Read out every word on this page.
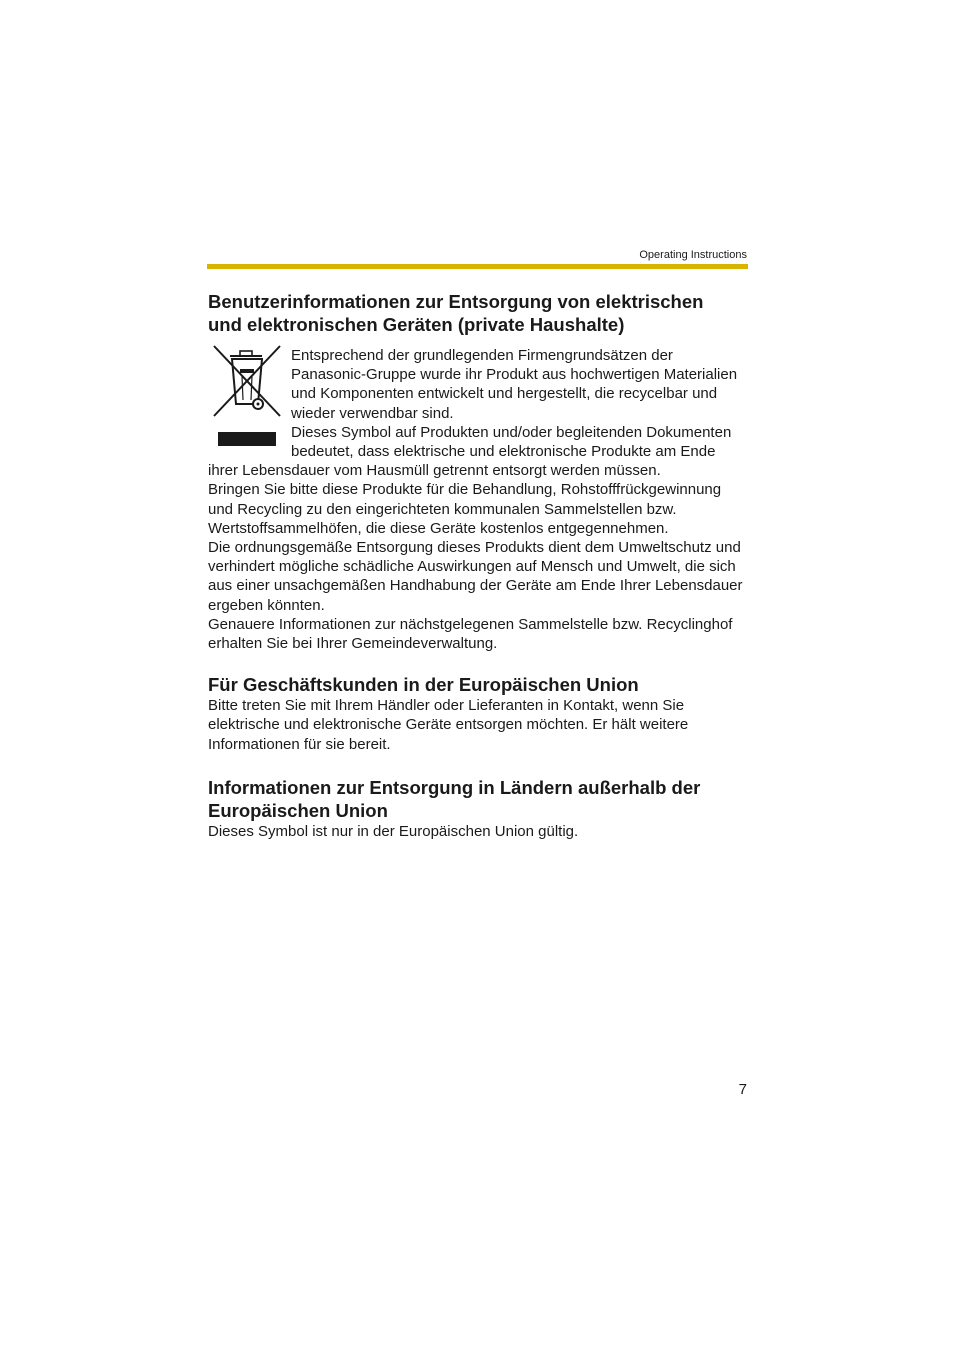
Operating Instructions
Benutzerinformationen zur Entsorgung von elektrischen
und elektronischen Geräten (private Haushalte)

Entsprechend der grundlegenden Firmengrundsätzen der Panasonic-Gruppe wurde ihr Produkt aus hochwertigen Materialien und Komponenten entwickelt und hergestellt, die recycelbar und wieder verwendbar sind.

Dieses Symbol auf Produkten und/oder begleitenden Dokumenten bedeutet, dass elektrische und elektronische Produkte am Ende ihrer Lebensdauer vom Hausmüll getrennt entsorgt werden müssen.

Bringen Sie bitte diese Produkte für die Behandlung, Rohstofffrückgewinnung und Recycling zu den eingerichteten kommunalen Sammelstellen bzw. Wertstoffsammelhöfen, die diese Geräte kostenlos entgegennehmen.

Die ordnungsgemäße Entsorgung dieses Produkts dient dem Umweltschutz und verhindert mögliche schädliche Auswirkungen auf Mensch und Umwelt, die sich aus einer unsachgemäßen Handhabung der Geräte am Ende Ihrer Lebensdauer ergeben könnten.

Genauere Informationen zur nächstgelegenen Sammelstelle bzw. Recyclinghof erhalten Sie bei Ihrer Gemeindeverwaltung.

Für Geschäftskunden in der Europäischen Union

Bitte treten Sie mit Ihrem Händler oder Lieferanten in Kontakt, wenn Sie elektrische und elektronische Geräte entsorgen möchten. Er hält weitere Informationen für sie bereit.

Informationen zur Entsorgung in Ländern außerhalb der
Europäischen Union

Dieses Symbol ist nur in der Europäischen Union gültig.

7
